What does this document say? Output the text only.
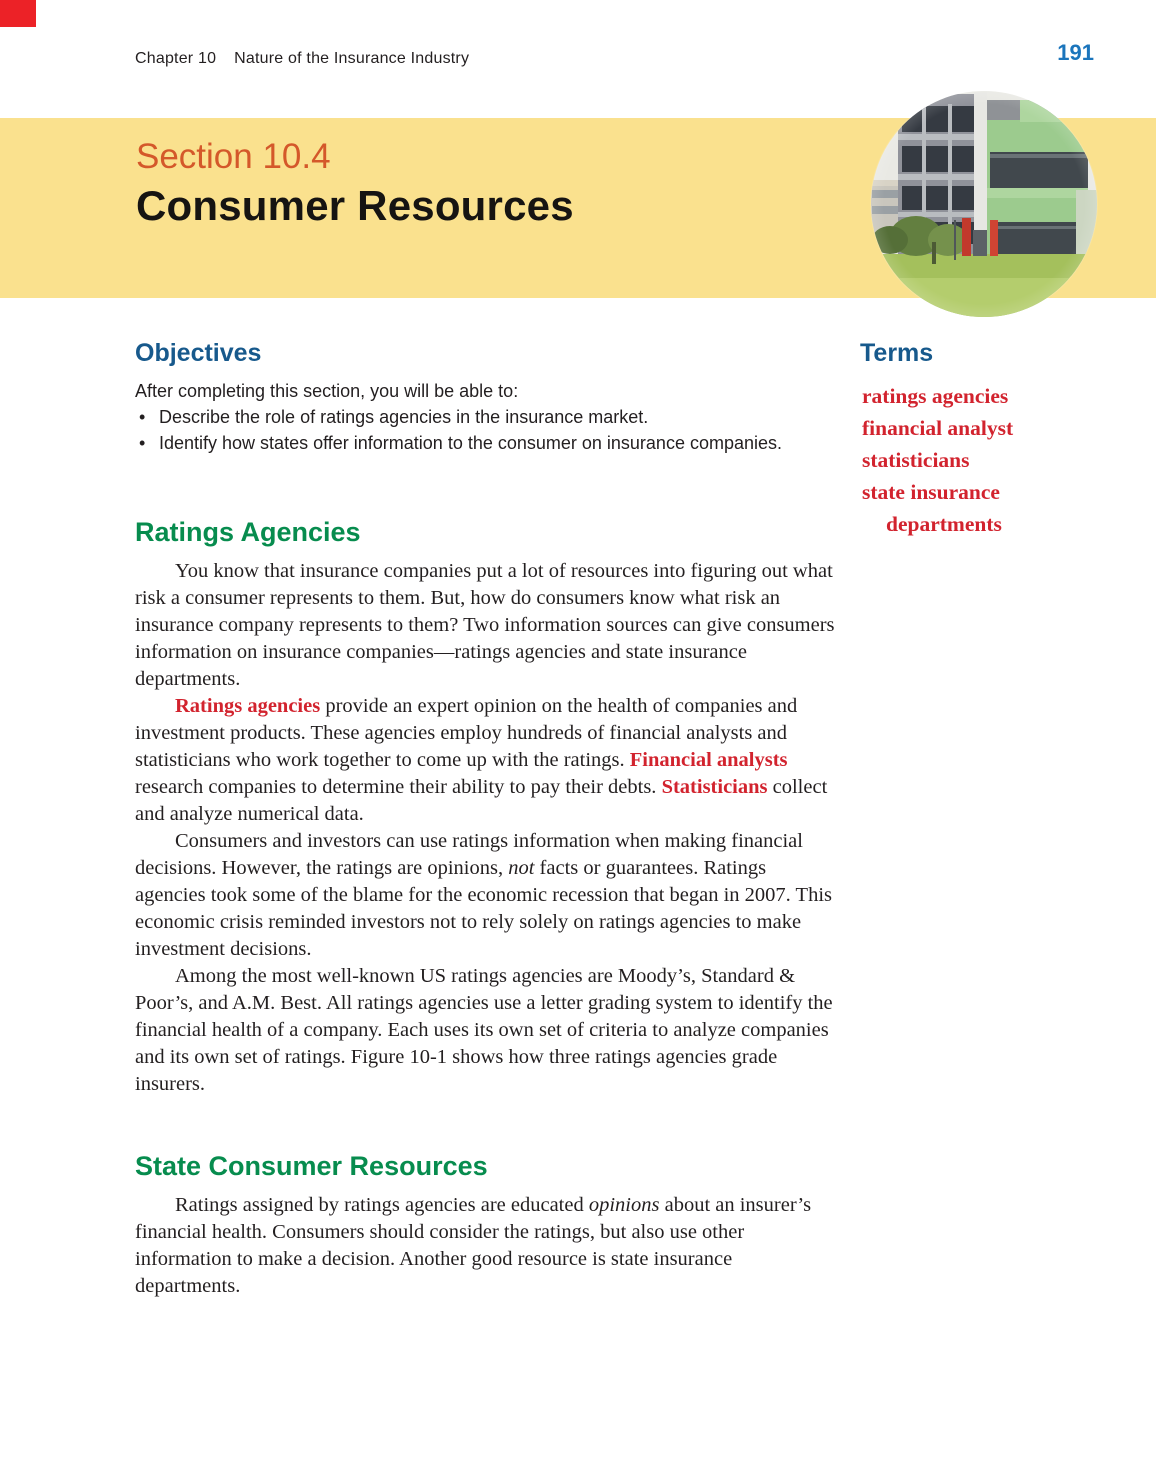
Chapter 10 Nature of the Insurance Industry	191
Section 10.4
Consumer Resources
Objectives

After completing this section, you will be able to:

• Describe the role of ratings agencies in the insurance market.
• Identify how states offer information to the consumer on insurance companies.
Ratings Agencies

You know that insurance companies put a lot of resources into figuring out what risk a consumer represents to them. But, how do consumers know what risk an insurance company represents to them? Two information sources can give consumers information on insurance companies—ratings agencies and state insurance departments.

Ratings agencies provide an expert opinion on the health of companies and investment products. These agencies employ hundreds of financial analysts and statisticians who work together to come up with the ratings. Financial analysts research companies to determine their ability to pay their debts. Statisticians collect and analyze numerical data.

Consumers and investors can use ratings information when making financial decisions. However, the ratings are opinions, not facts or guarantees. Ratings agencies took some of the blame for the economic recession that began in 2007. This economic crisis reminded investors not to rely solely on ratings agencies to make investment decisions.

Among the most well-known US ratings agencies are Moody’s, Standard & Poor’s, and A.M. Best. All ratings agencies use a letter grading system to identify the financial health of a company. Each uses its own set of criteria to analyze companies and its own set of ratings. Figure 10-1 shows how three ratings agencies grade insurers.

State Consumer Resources

Ratings assigned by ratings agencies are educated opinions about an insurer’s financial health. Consumers should consider the ratings, but also use other information to make a decision. Another good resource is state insurance departments.

Terms
ratings agencies
financial analyst
statisticians
state insurance departments
